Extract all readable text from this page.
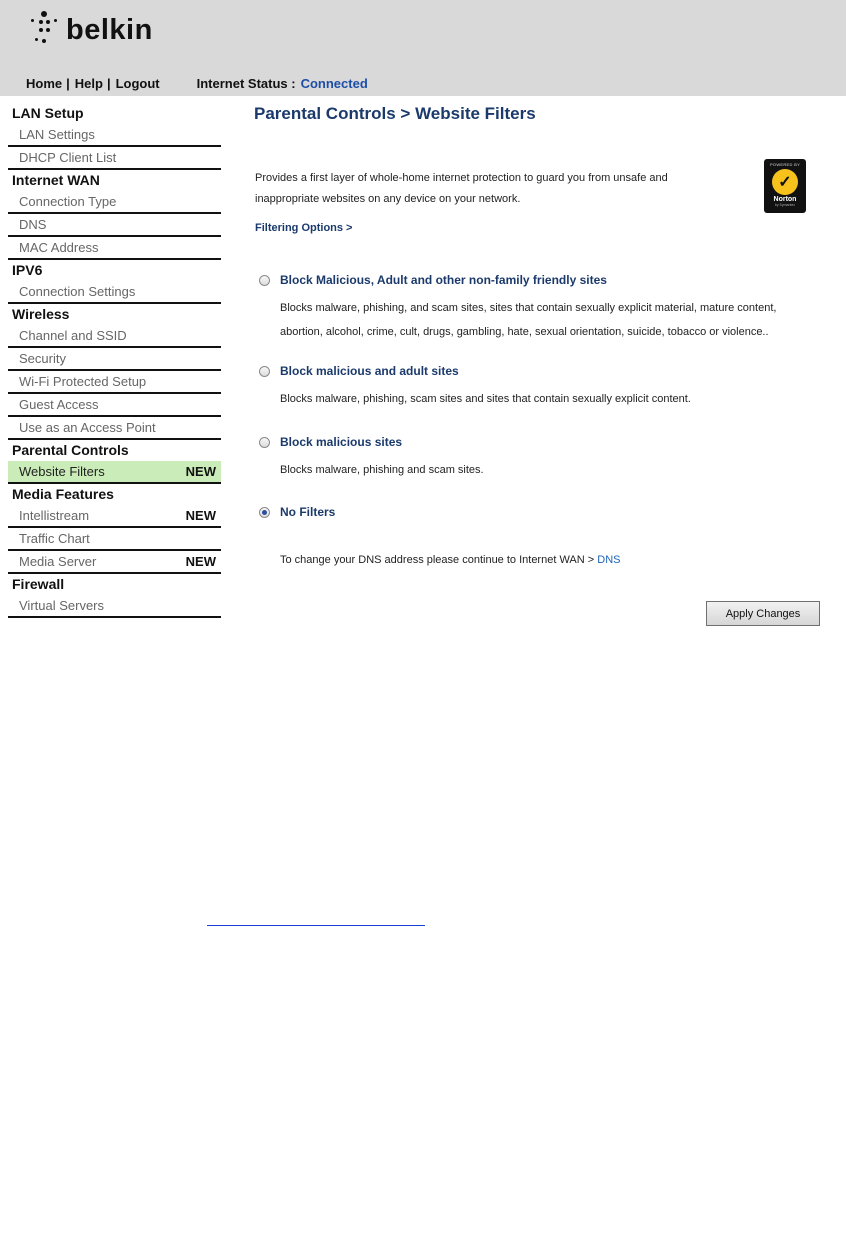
belkin
Home | Help | Logout	Internet Status : Connected
LAN Setup
LAN Settings
DHCP Client List
Internet WAN
Connection Type
DNS
MAC Address
IPV6
Connection Settings
Wireless
Channel and SSID
Security
Wi-Fi Protected Setup
Guest Access
Use as an Access Point
Parental Controls
Website Filters	NEW
Media Features
Intellistream	NEW
Traffic Chart
Media Server	NEW
Firewall
Virtual Servers
Parental Controls > Website Filters
Provides a first layer of whole-home internet protection to guard you from unsafe and
inappropriate websites on any device on your network.
POWERED BY
✓
Norton
by Symantec
Filtering Options >
Block Malicious, Adult and other non-family friendly sites
Blocks malware, phishing, and scam sites, sites that contain sexually explicit material, mature content,
abortion, alcohol, crime, cult, drugs, gambling, hate, sexual orientation, suicide, tobacco or violence..
Block malicious and adult sites
Blocks malware, phishing, scam sites and sites that contain sexually explicit content.
Block malicious sites
Blocks malware, phishing and scam sites.
No Filters
To change your DNS address please continue to Internet WAN > DNS
Apply Changes
